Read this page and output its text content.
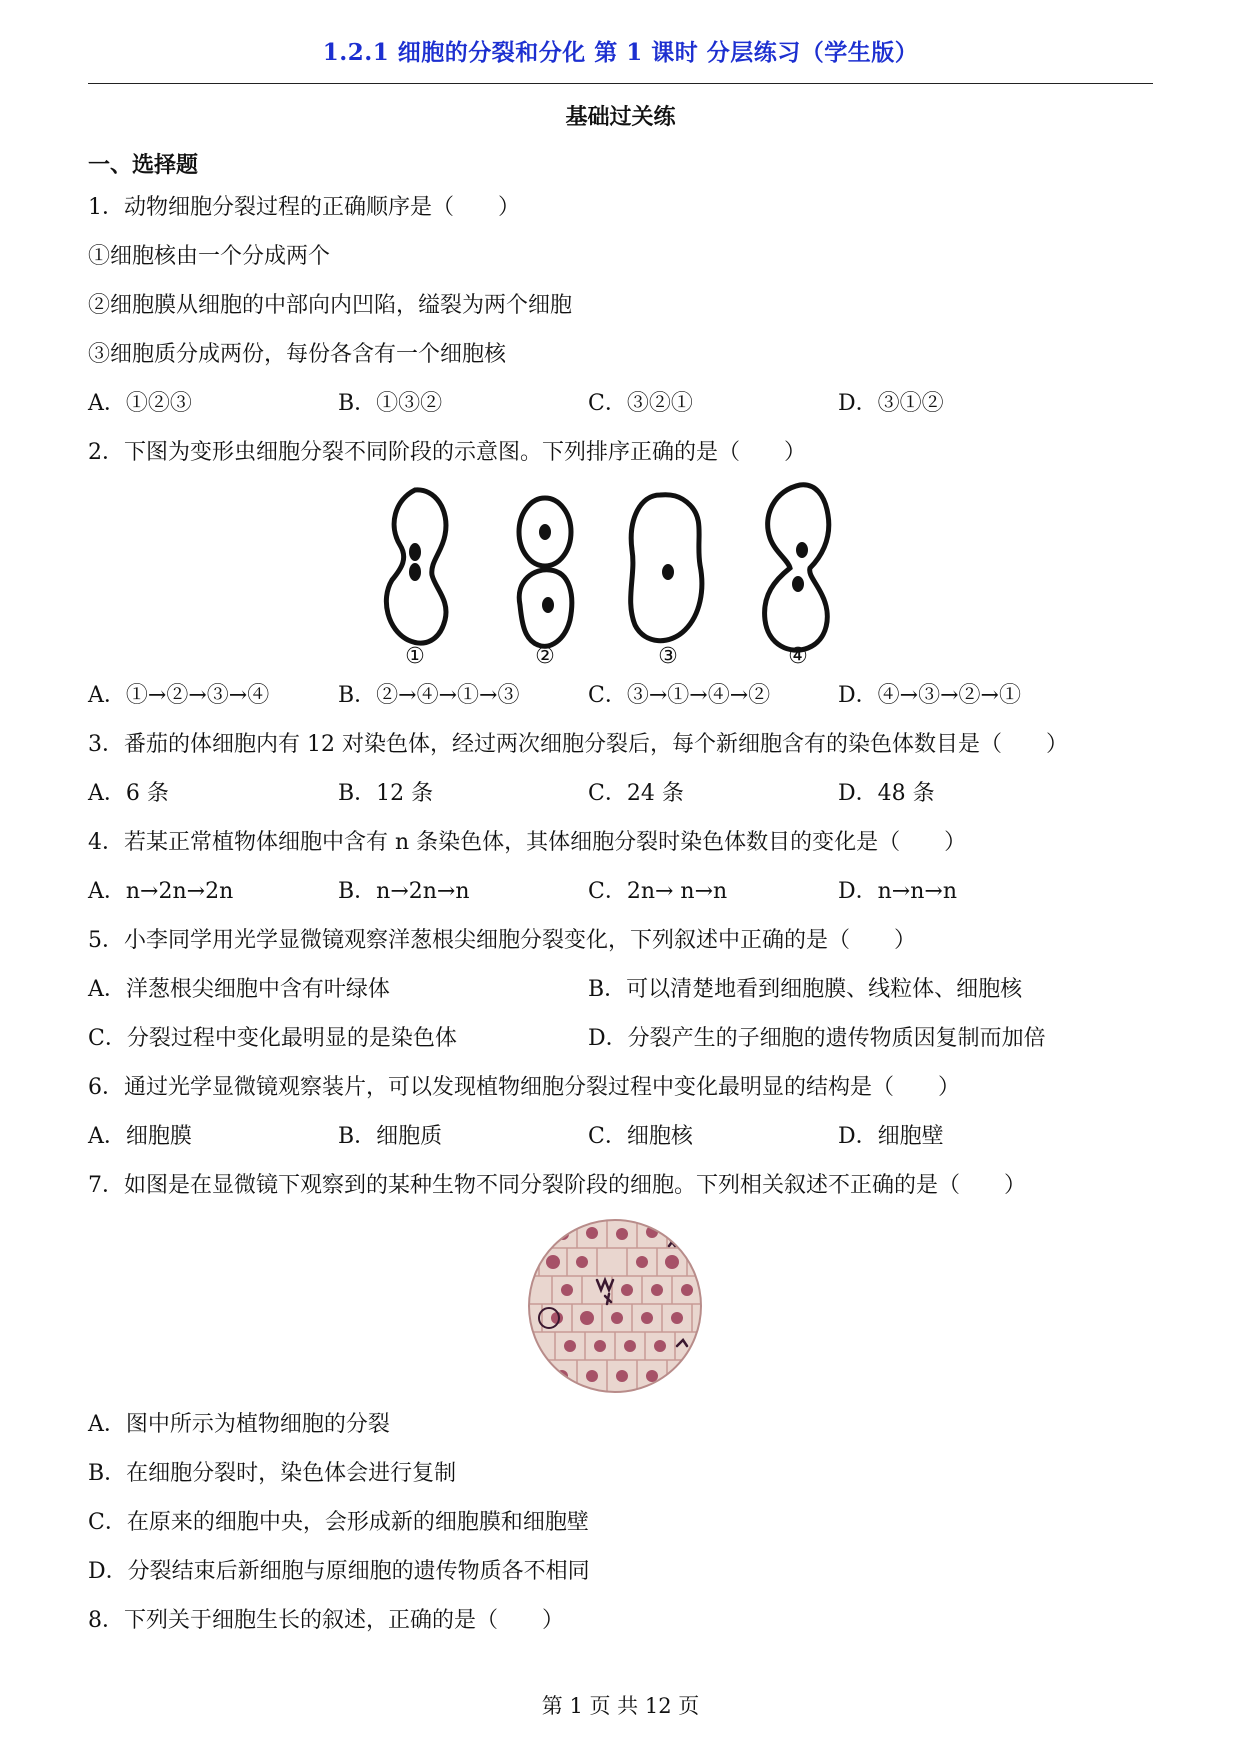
1.2.1 细胞的分裂和分化 第 1 课时 分层练习（学生版）
基础过关练
一、选择题
1．动物细胞分裂过程的正确顺序是（　　）
①细胞核由一个分成两个
②细胞膜从细胞的中部向内凹陷，缢裂为两个细胞
③细胞质分成两份，每份各含有一个细胞核
A．①②③	B．①③②	C．③②①	D．③①②
2．下图为变形虫细胞分裂不同阶段的示意图。下列排序正确的是（　　）
①	②	③	④
A．①→②→③→④	B．②→④→①→③	C．③→①→④→②	D．④→③→②→①
3．番茄的体细胞内有 12 对染色体，经过两次细胞分裂后，每个新细胞含有的染色体数目是（　　）
A．6 条	B．12 条	C．24 条	D．48 条
4．若某正常植物体细胞中含有 n 条染色体，其体细胞分裂时染色体数目的变化是（　　）
A．n→2n→2n	B．n→2n→n	C．2n→ n→n	D．n→n→n
5．小李同学用光学显微镜观察洋葱根尖细胞分裂变化，下列叙述中正确的是（　　）
A．洋葱根尖细胞中含有叶绿体	B．可以清楚地看到细胞膜、线粒体、细胞核
C．分裂过程中变化最明显的是染色体	D．分裂产生的子细胞的遗传物质因复制而加倍
6．通过光学显微镜观察装片，可以发现植物细胞分裂过程中变化最明显的结构是（　　）
A．细胞膜	B．细胞质	C．细胞核	D．细胞壁
7．如图是在显微镜下观察到的某种生物不同分裂阶段的细胞。下列相关叙述不正确的是（　　）
A．图中所示为植物细胞的分裂
B．在细胞分裂时，染色体会进行复制
C．在原来的细胞中央，会形成新的细胞膜和细胞壁
D．分裂结束后新细胞与原细胞的遗传物质各不相同
8．下列关于细胞生长的叙述，正确的是（　　）
第 1 页 共 12 页
